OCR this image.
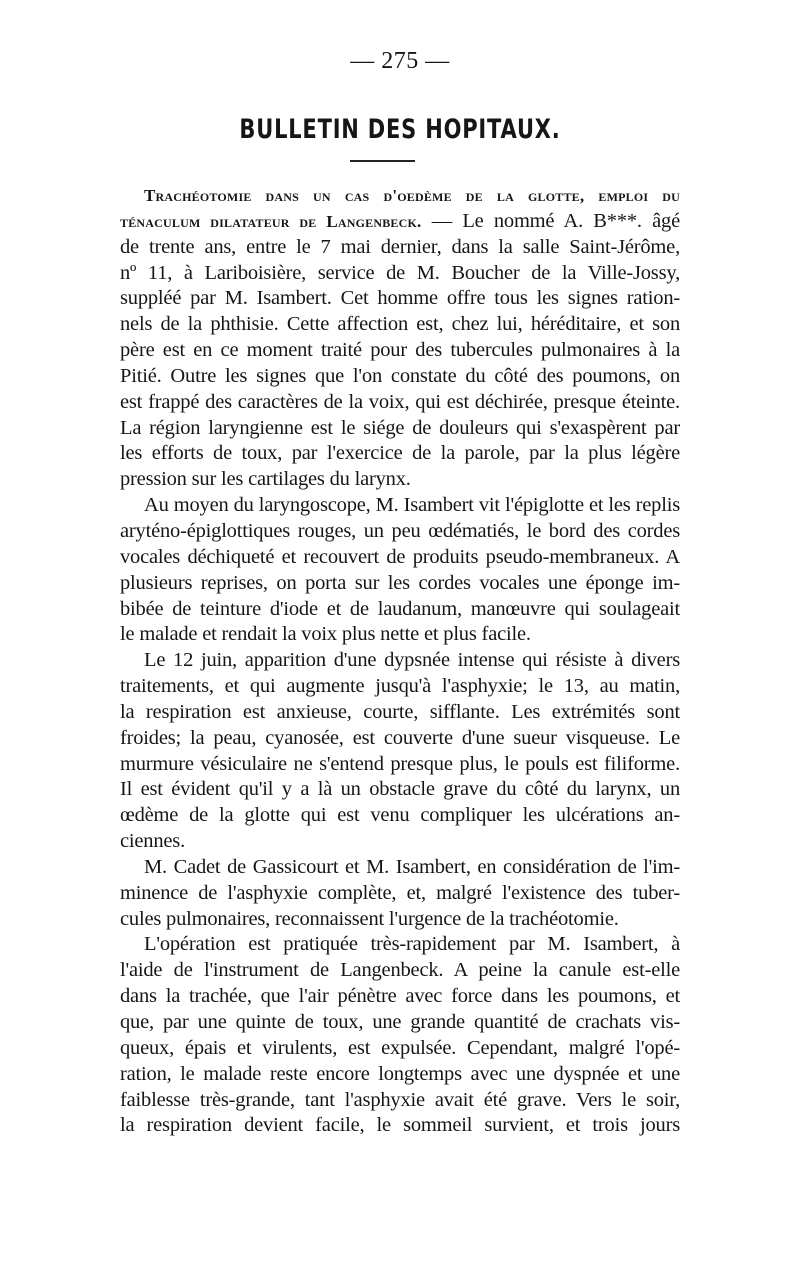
— 275 —
BULLETIN DES HOPITAUX.
Trachéotomie dans un cas d'oedème de la glotte, emploi du
ténaculum dilatateur de Langenbeck. — Le nommé A. B***. âgé
de trente ans, entre le 7 mai dernier, dans la salle Saint-Jérôme,
nº 11, à Lariboisière, service de M. Boucher de la Ville-Jossy,
suppléé par M. Isambert. Cet homme offre tous les signes ration-
nels de la phthisie. Cette affection est, chez lui, héréditaire, et son
père est en ce moment traité pour des tubercules pulmonaires à la
Pitié. Outre les signes que l'on constate du côté des poumons, on
est frappé des caractères de la voix, qui est déchirée, presque éteinte.
La région laryngienne est le siége de douleurs qui s'exaspèrent par
les efforts de toux, par l'exercice de la parole, par la plus légère
pression sur les cartilages du larynx.
Au moyen du laryngoscope, M. Isambert vit l'épiglotte et les replis
aryténo-épiglottiques rouges, un peu œdématiés, le bord des cordes
vocales déchiqueté et recouvert de produits pseudo-membraneux. A
plusieurs reprises, on porta sur les cordes vocales une éponge im-
bibée de teinture d'iode et de laudanum, manœuvre qui soulageait
le malade et rendait la voix plus nette et plus facile.
Le 12 juin, apparition d'une dypsnée intense qui résiste à divers
traitements, et qui augmente jusqu'à l'asphyxie; le 13, au matin,
la respiration est anxieuse, courte, sifflante. Les extrémités sont
froides; la peau, cyanosée, est couverte d'une sueur visqueuse. Le
murmure vésiculaire ne s'entend presque plus, le pouls est filiforme.
Il est évident qu'il y a là un obstacle grave du côté du larynx, un
œdème de la glotte qui est venu compliquer les ulcérations an-
ciennes.
M. Cadet de Gassicourt et M. Isambert, en considération de l'im-
minence de l'asphyxie complète, et, malgré l'existence des tuber-
cules pulmonaires, reconnaissent l'urgence de la trachéotomie.
L'opération est pratiquée très-rapidement par M. Isambert, à
l'aide de l'instrument de Langenbeck. A peine la canule est-elle
dans la trachée, que l'air pénètre avec force dans les poumons, et
que, par une quinte de toux, une grande quantité de crachats vis-
queux, épais et virulents, est expulsée. Cependant, malgré l'opé-
ration, le malade reste encore longtemps avec une dyspnée et une
faiblesse très-grande, tant l'asphyxie avait été grave. Vers le soir,
la respiration devient facile, le sommeil survient, et trois jours
